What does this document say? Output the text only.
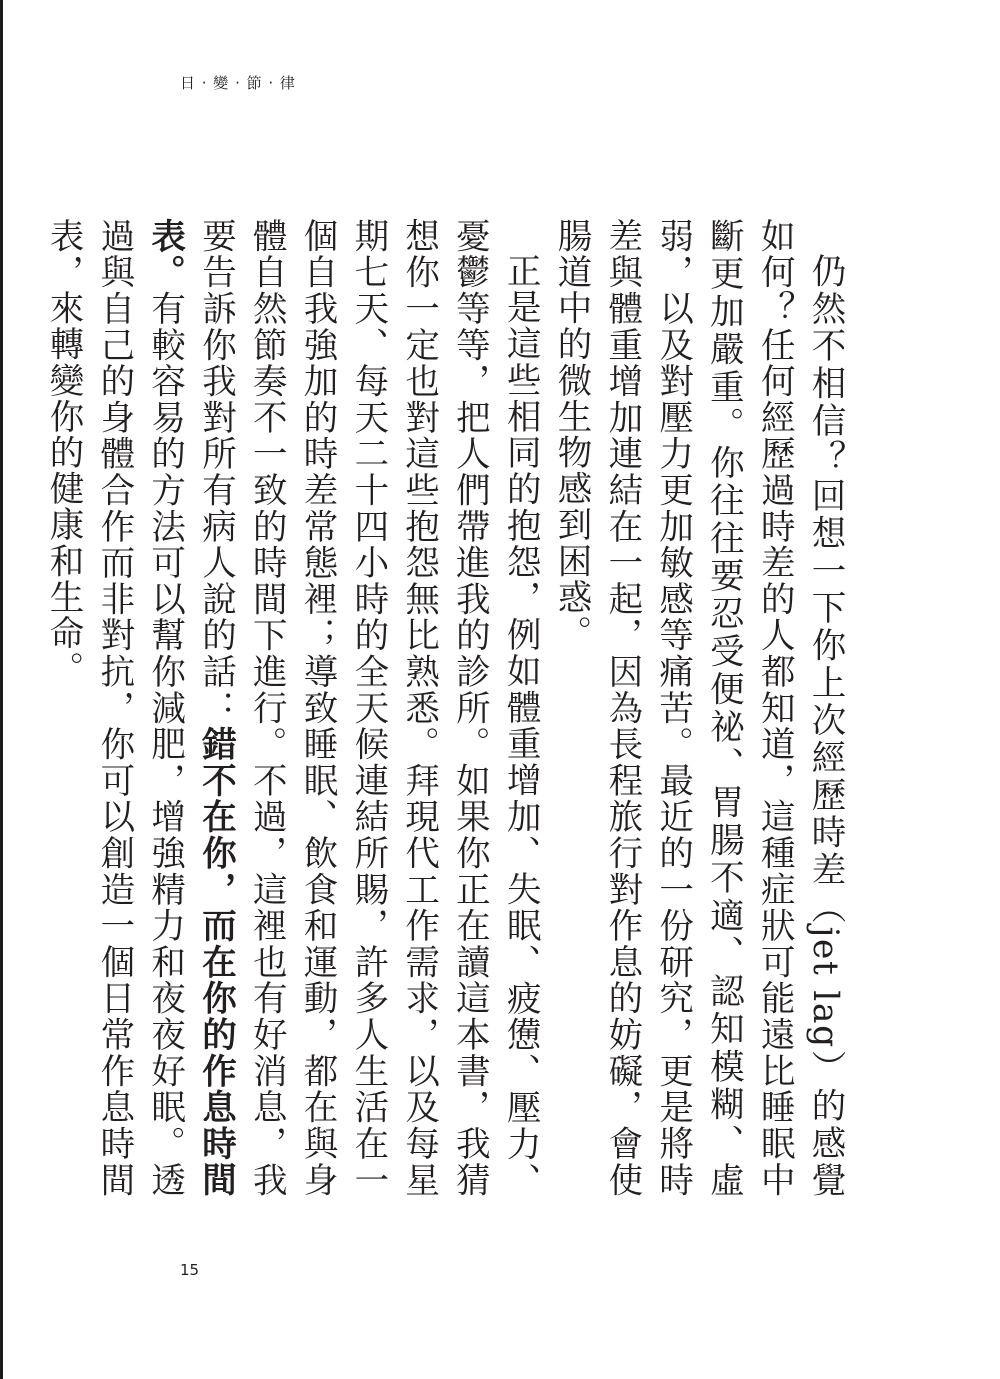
日 · 變 · 節 · 律

仍然不相信？回想一下你上次經歷時差（jet lag）的感覺如何？任何經歷過時差的人都知道，這種症狀可能遠比睡眠中斷更加嚴重。你往往要忍受便祕、胃腸不適、認知模糊、虛弱，以及對壓力更加敏感等痛苦。最近的一份研究，更是將時差與體重增加連結在一起，因為長程旅行對作息的妨礙，會使腸道中的微生物感到困惑。

正是這些相同的抱怨，例如體重增加、失眠、疲憊、壓力、憂鬱等等，把人們帶進我的診所。如果你正在讀這本書，我猜想你一定也對這些抱怨無比熟悉。拜現代工作需求，以及每星期七天、每天二十四小時的全天候連結所賜，許多人生活在一個自我強加的時差常態裡；導致睡眠、飲食和運動，都在與身體自然節奏不一致的時間下進行。不過，這裡也有好消息，我要告訴你我對所有病人說的話：錯不在你，而在你的作息時間表。有較容易的方法可以幫你減肥，增強精力和夜夜好眠。透過與自己的身體合作而非對抗，你可以創造一個日常作息時間表，來轉變你的健康和生命。

15
